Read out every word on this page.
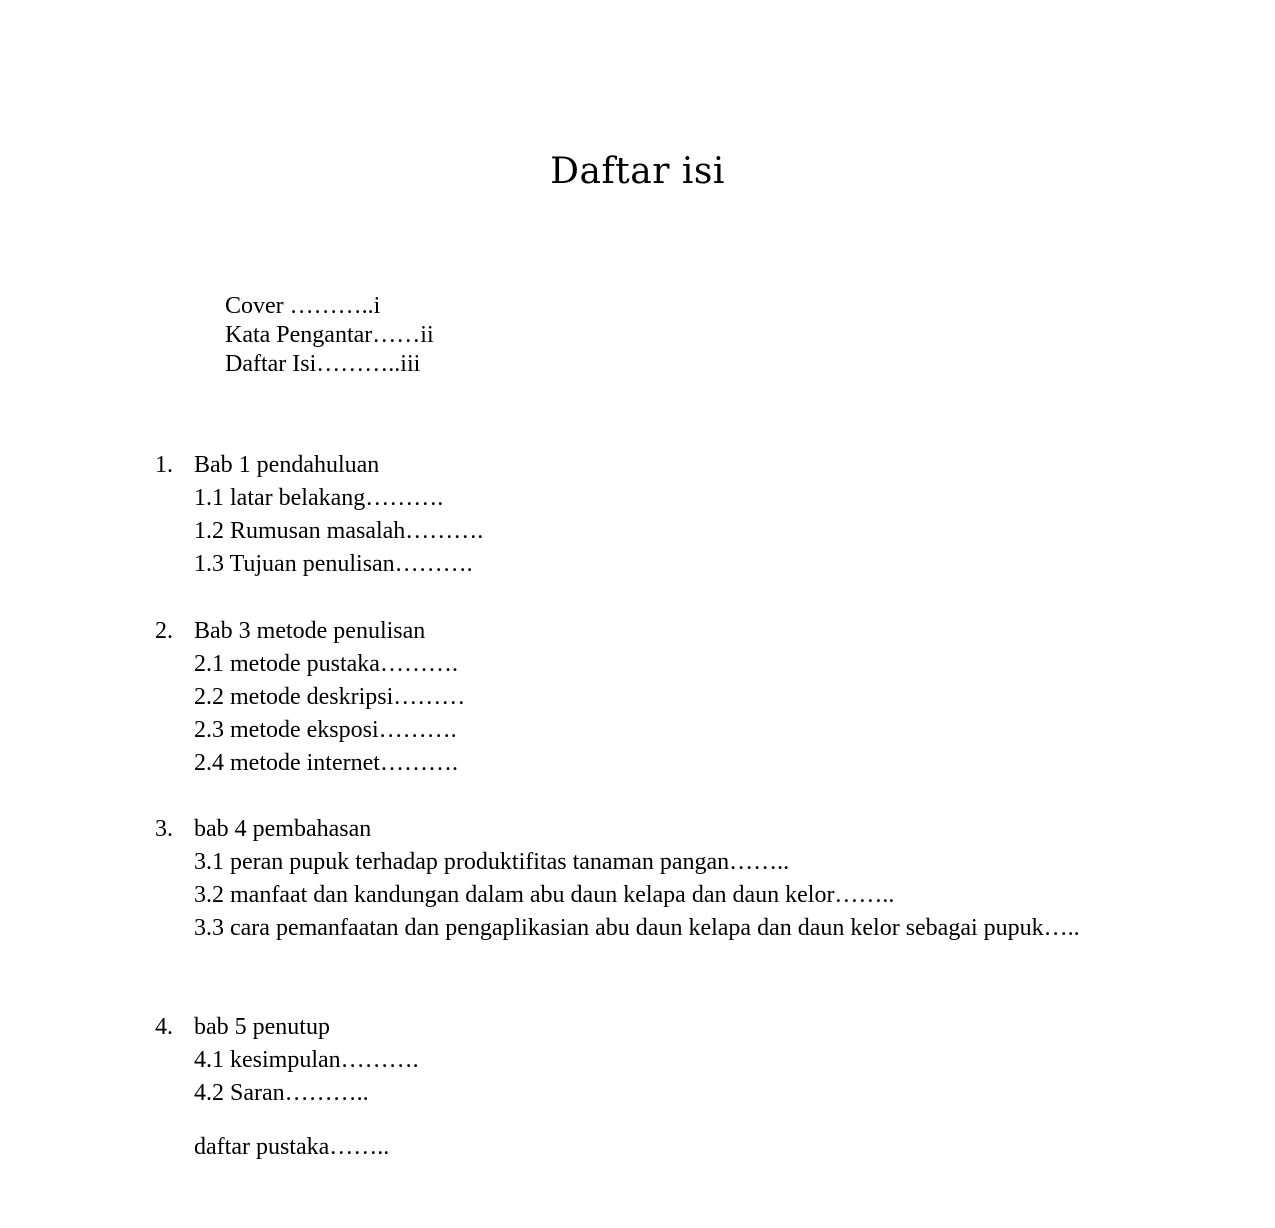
Daftar isi
Cover ………..i
Kata Pengantar……ii
Daftar Isi………..iii
1. Bab 1 pendahuluan
1.1 latar belakang……….
1.2 Rumusan masalah……….
1.3 Tujuan penulisan……….
2. Bab 3 metode penulisan
2.1 metode pustaka……….
2.2 metode deskripsi………
2.3 metode eksposi……….
2.4 metode internet……….
3. bab 4 pembahasan
3.1 peran pupuk terhadap produktifitas tanaman pangan……..
3.2 manfaat dan kandungan dalam abu daun kelapa dan daun kelor……..
3.3 cara pemanfaatan dan pengaplikasian abu daun kelapa dan daun kelor sebagai pupuk…..
4. bab 5 penutup
4.1 kesimpulan……….
4.2 Saran………..
daftar pustaka……..
